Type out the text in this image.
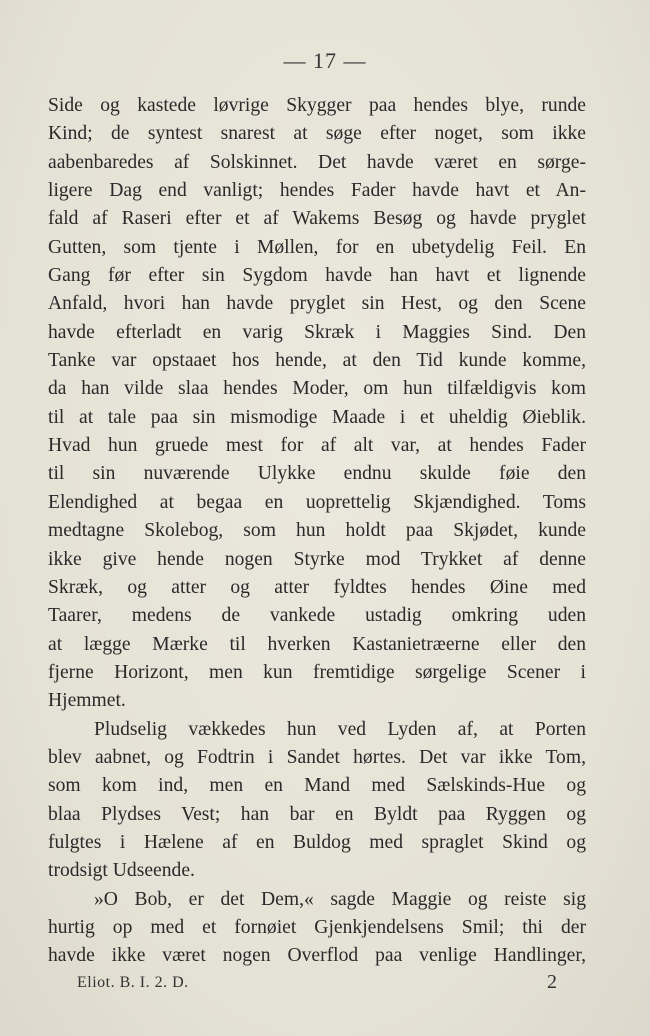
— 17 —
Side og kastede løvrige Skygger paa hendes blye, runde
Kind; de syntest snarest at søge efter noget, som ikke
aabenbaredes af Solskinnet. Det havde været en sørge-
ligere Dag end vanligt; hendes Fader havde havt et An-
fald af Raseri efter et af Wakems Besøg og havde pryglet
Gutten, som tjente i Møllen, for en ubetydelig Feil. En
Gang før efter sin Sygdom havde han havt et lignende
Anfald, hvori han havde pryglet sin Hest, og den Scene
havde efterladt en varig Skræk i Maggies Sind. Den
Tanke var opstaaet hos hende, at den Tid kunde komme,
da han vilde slaa hendes Moder, om hun tilfældigvis kom
til at tale paa sin mismodige Maade i et uheldig Øieblik.
Hvad hun gruede mest for af alt var, at hendes Fader
til sin nuværende Ulykke endnu skulde føie den
Elendighed at begaa en uoprettelig Skjændighed. Toms
medtagne Skolebog, som hun holdt paa Skjødet, kunde
ikke give hende nogen Styrke mod Trykket af denne
Skræk, og atter og atter fyldtes hendes Øine med
Taarer, medens de vankede ustadig omkring uden
at lægge Mærke til hverken Kastanietræerne eller den
fjerne Horizont, men kun fremtidige sørgelige Scener i
Hjemmet.
Pludselig vækkedes hun ved Lyden af, at Porten
blev aabnet, og Fodtrin i Sandet hørtes. Det var ikke Tom,
som kom ind, men en Mand med Sælskinds-Hue og
blaa Plydses Vest; han bar en Byldt paa Ryggen og
fulgtes i Hælene af en Buldog med spraglet Skind og
trodsigt Udseende.
»O Bob, er det Dem,« sagde Maggie og reiste sig
hurtig op med et fornøiet Gjenkjendelsens Smil; thi der
havde ikke været nogen Overflod paa venlige Handlinger,
Eliot. B. I. 2. D.	2
